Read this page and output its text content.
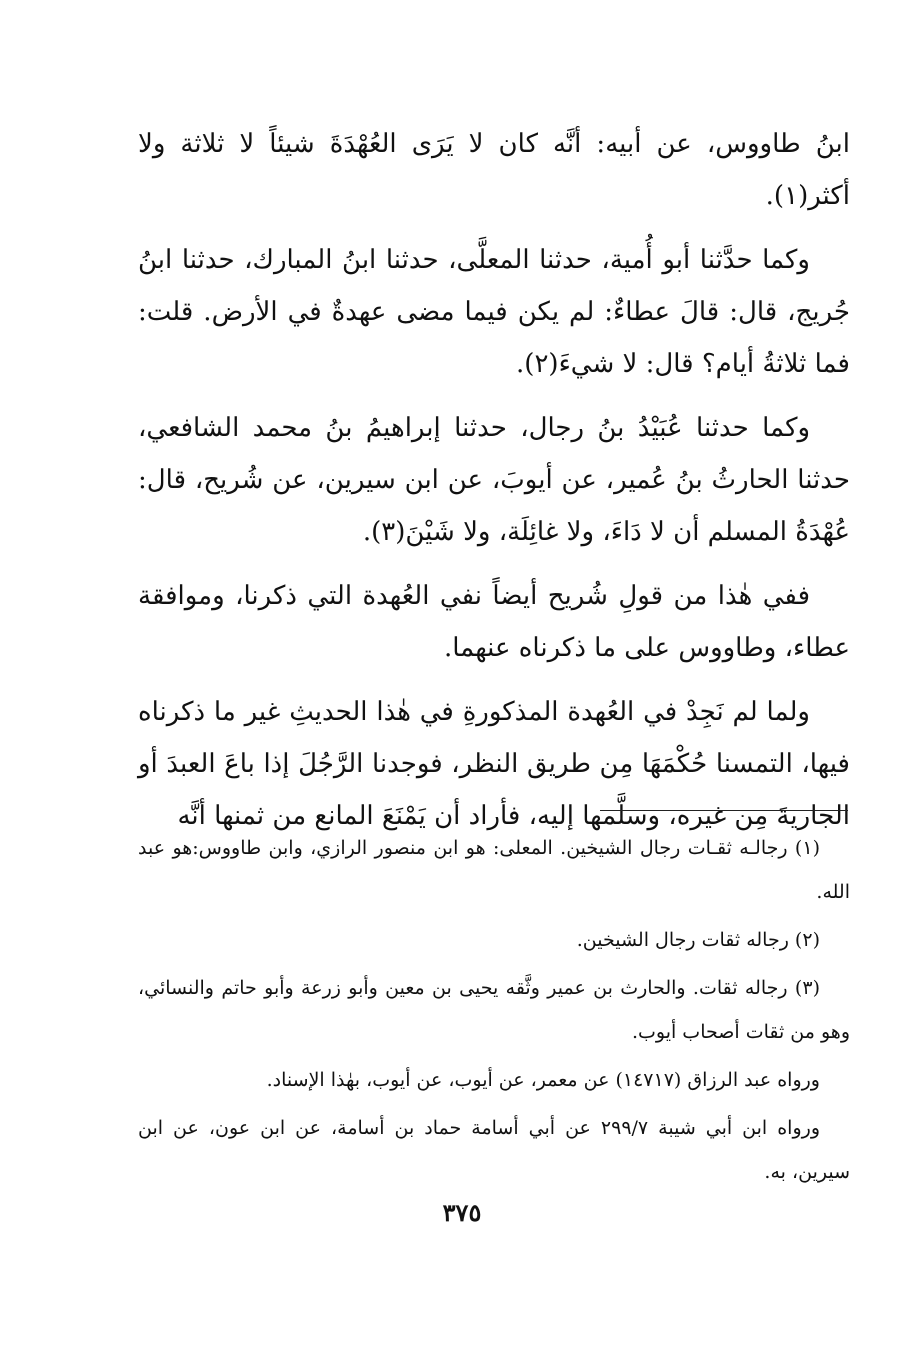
ابنُ طاووس، عن أبيه: أنَّه كان لا يَرَى العُهْدَةَ شيئاً لا ثلاثة ولا أكثر(١).

وكما حدَّثنا أبو أُمية، حدثنا المعلَّى، حدثنا ابنُ المبارك، حدثنا ابنُ جُريج، قال: قالَ عطاءٌ: لم يكن فيما مضى عهدةٌ في الأرض. قلت: فما ثلاثةُ أيام؟ قال: لا شيءَ(٢).

وكما حدثنا عُبَيْدُ بنُ رجال، حدثنا إبراهيمُ بنُ محمد الشافعي، حدثنا الحارثُ بنُ عُمير، عن أيوبَ، عن ابن سيرين، عن شُريح، قال: عُهْدَةُ المسلم أن لا دَاءَ، ولا غائِلَة، ولا شَيْنَ(٣).

ففي هٰذا من قولِ شُريح أيضاً نفي العُهدة التي ذكرنا، وموافقة عطاء، وطاووس على ما ذكرناه عنهما.

ولما لم نَجِدْ في العُهدة المذكورةِ في هٰذا الحديثِ غير ما ذكرناه فيها، التمسنا حُكْمَهَا مِن طريق النظر، فوجدنا الرَّجُلَ إذا باعَ العبدَ أو الجاريةَ مِن غيره، وسلَّمها إليه، فأراد أن يَمْنَعَ المانع من ثمنها أنَّه

(١) رجالـه ثقـات رجال الشيخين. المعلى: هو ابن منصور الرازي، وابن طاووس:هو عبد الله.

(٢) رجاله ثقات رجال الشيخين.

(٣) رجاله ثقات. والحارث بن عمير وثَّقه يحيى بن معين وأبو زرعة وأبو حاتم والنسائي، وهو من ثقات أصحاب أيوب.

ورواه عبد الرزاق (١٤٧١٧) عن معمر، عن أيوب، عن أيوب، بهٰذا الإسناد.

ورواه ابن أبي شيبة ٢٩٩/٧ عن أبي أسامة حماد بن أسامة، عن ابن عون، عن ابن سيرين، به.

٣٧٥
